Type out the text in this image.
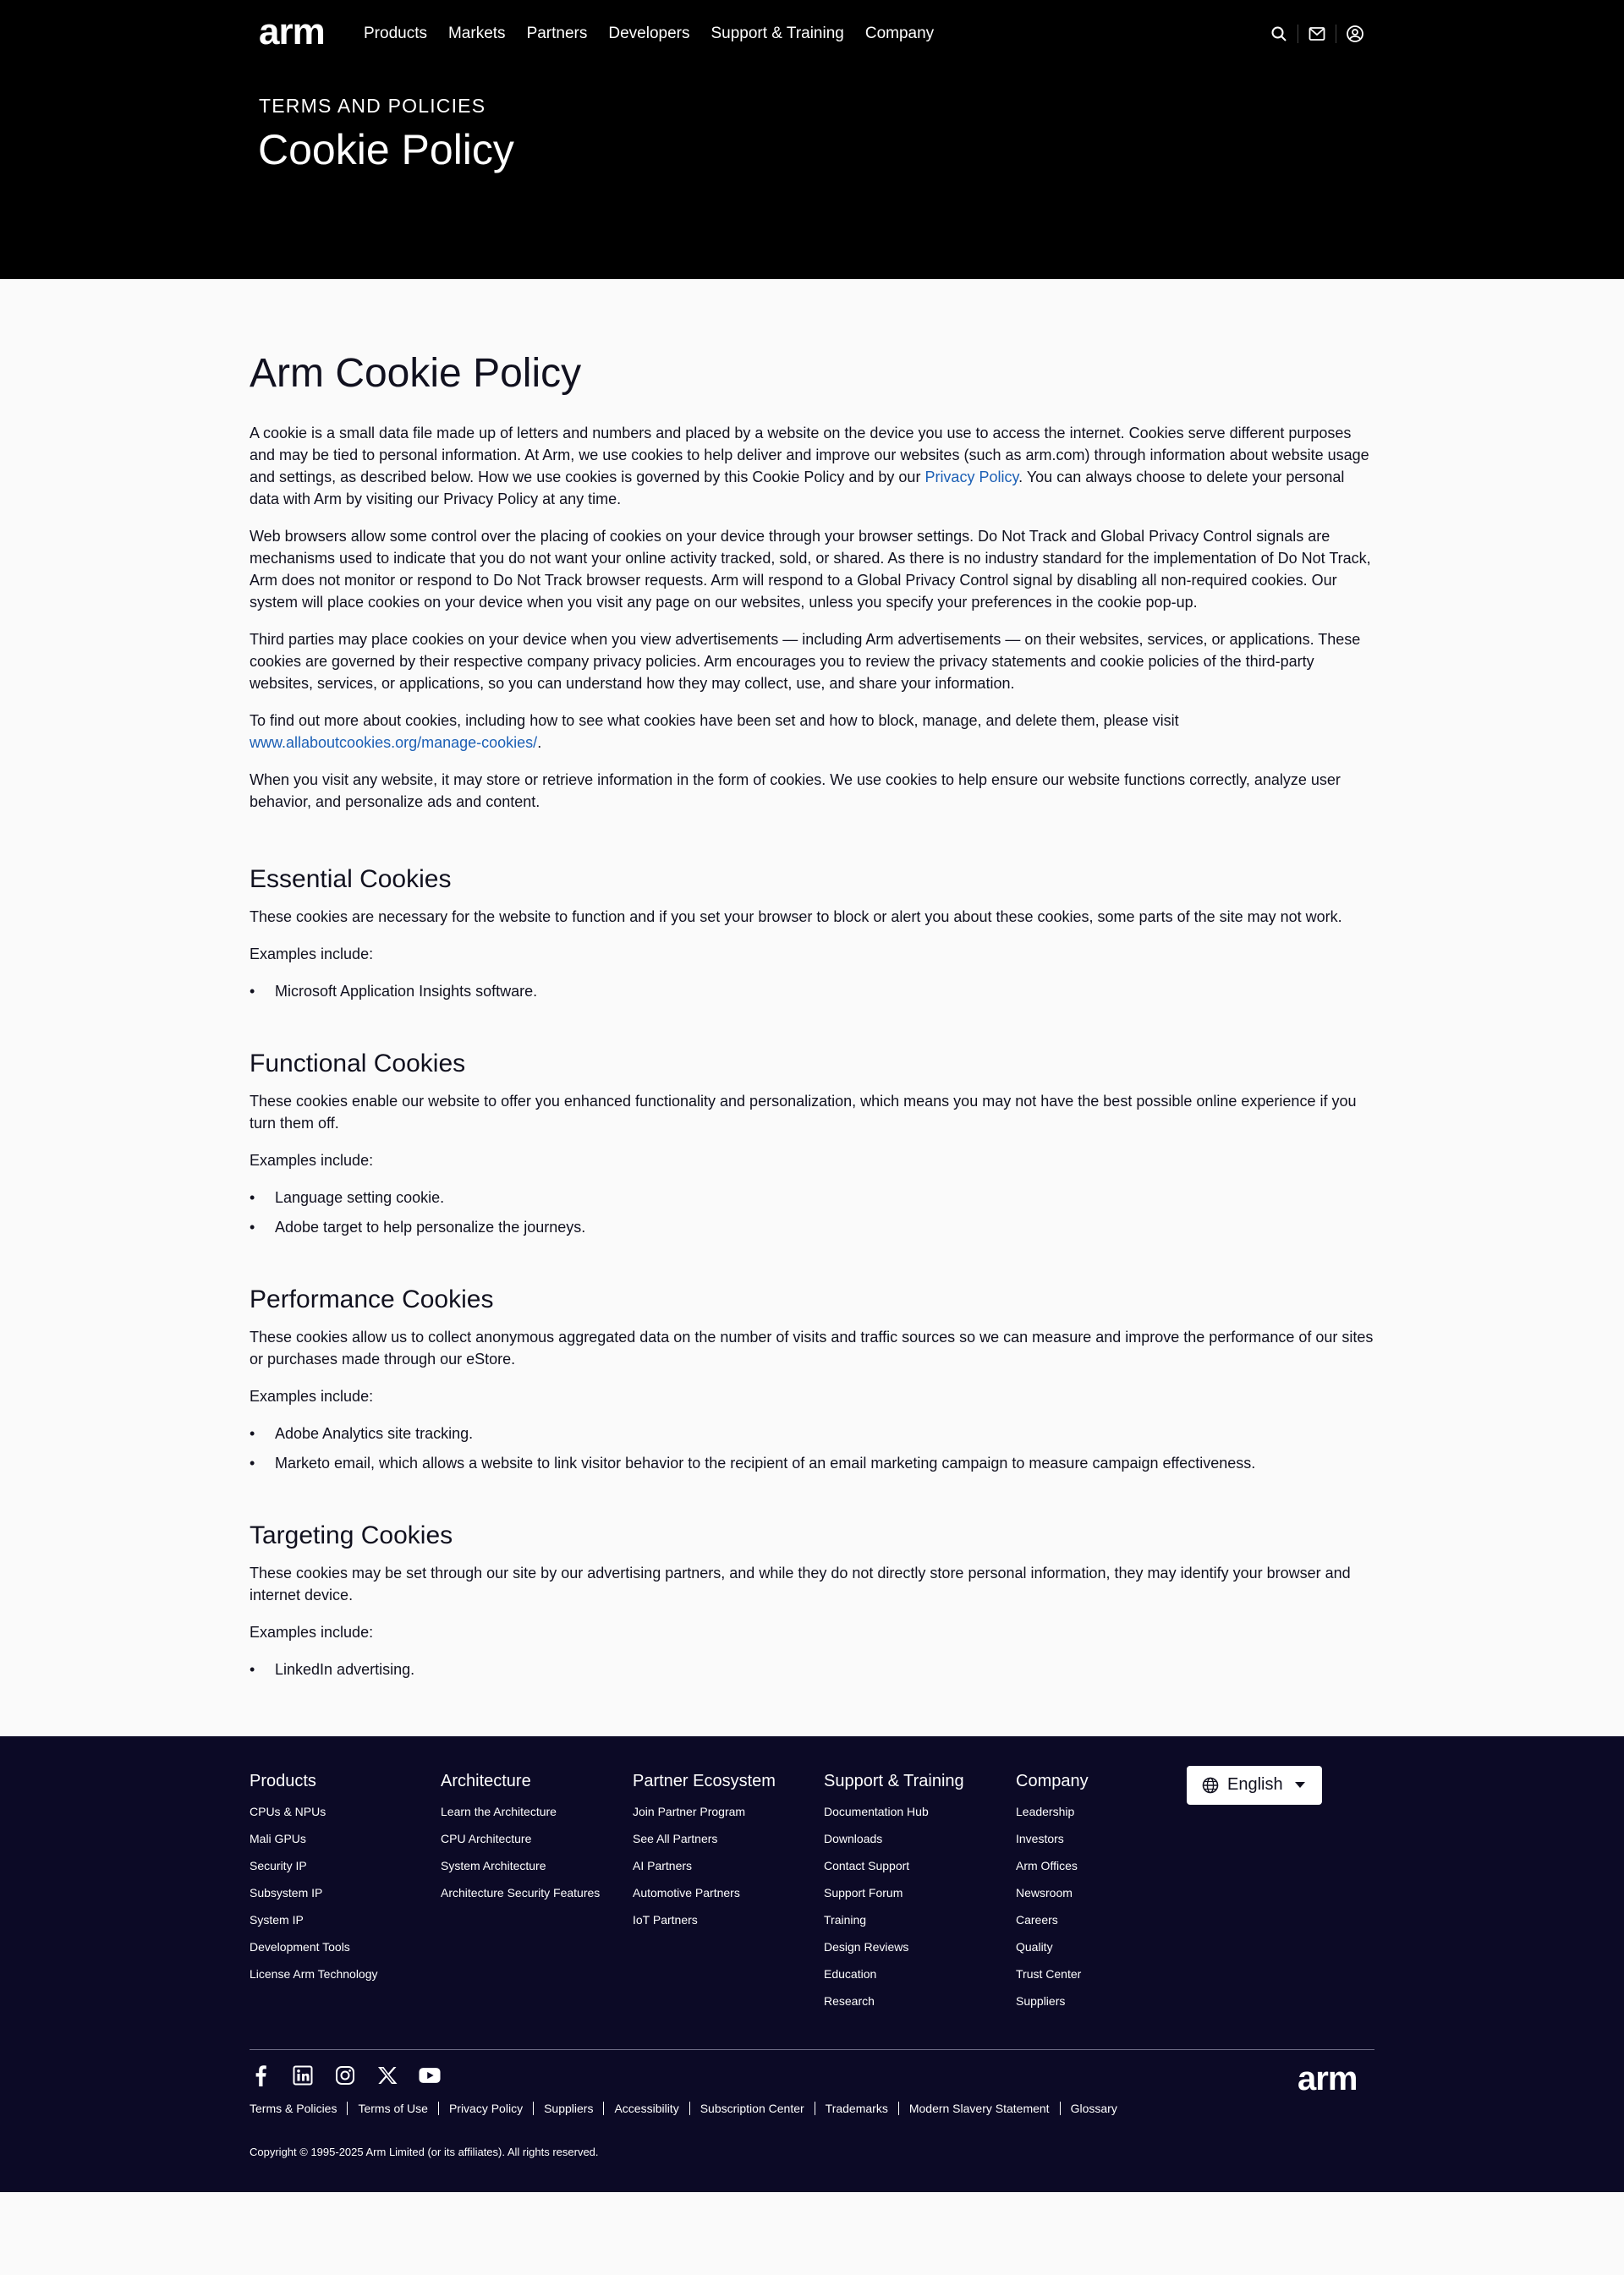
arm Products Markets Partners Developers Support & Training Company
TERMS AND POLICIES
Cookie Policy
Arm Cookie Policy

A cookie is a small data file made up of letters and numbers and placed by a website on the device you use to access the internet. Cookies serve different purposes and may be tied to personal information. At Arm, we use cookies to help deliver and improve our websites (such as arm.com) through information about website usage and settings, as described below. How we use cookies is governed by this Cookie Policy and by our Privacy Policy. You can always choose to delete your personal data with Arm by visiting our Privacy Policy at any time.

Web browsers allow some control over the placing of cookies on your device through your browser settings. Do Not Track and Global Privacy Control signals are mechanisms used to indicate that you do not want your online activity tracked, sold, or shared. As there is no industry standard for the implementation of Do Not Track, Arm does not monitor or respond to Do Not Track browser requests. Arm will respond to a Global Privacy Control signal by disabling all non-required cookies. Our system will place cookies on your device when you visit any page on our websites, unless you specify your preferences in the cookie pop-up.

Third parties may place cookies on your device when you view advertisements — including Arm advertisements — on their websites, services, or applications. These cookies are governed by their respective company privacy policies. Arm encourages you to review the privacy statements and cookie policies of the third-party websites, services, or applications, so you can understand how they may collect, use, and share your information.

To find out more about cookies, including how to see what cookies have been set and how to block, manage, and delete them, please visit www.allaboutcookies.org/manage-cookies/.

When you visit any website, it may store or retrieve information in the form of cookies. We use cookies to help ensure our website functions correctly, analyze user behavior, and personalize ads and content.

Essential Cookies

These cookies are necessary for the website to function and if you set your browser to block or alert you about these cookies, some parts of the site may not work.

Examples include:

• Microsoft Application Insights software.
Functional Cookies

These cookies enable our website to offer you enhanced functionality and personalization, which means you may not have the best possible online experience if you turn them off.

Examples include:

• Language setting cookie.
• Adobe target to help personalize the journeys.
Performance Cookies

These cookies allow us to collect anonymous aggregated data on the number of visits and traffic sources so we can measure and improve the performance of our sites or purchases made through our eStore.

Examples include:

• Adobe Analytics site tracking.
• Marketo email, which allows a website to link visitor behavior to the recipient of an email marketing campaign to measure campaign effectiveness.
Targeting Cookies

These cookies may be set through our site by our advertising partners, and while they do not directly store personal information, they may identify your browser and internet device.

Examples include:

• LinkedIn advertising.
Products
CPUs & NPUs
Mali GPUs
Security IP
Subsystem IP
System IP
Development Tools
License Arm Technology
Architecture
Learn the Architecture
CPU Architecture
System Architecture
Architecture Security Features
Partner Ecosystem
Join Partner Program
See All Partners
AI Partners
Automotive Partners
IoT Partners
Support & Training
Documentation Hub
Downloads
Contact Support
Support Forum
Training
Design Reviews
Education
Research
Company
Leadership
Investors
Arm Offices
Newsroom
Careers
Quality
Trust Center
Suppliers
English
arm
Terms & Policies Terms of Use Privacy Policy Suppliers Accessibility Subscription Center Trademarks Modern Slavery Statement Glossary
Copyright © 1995-2025 Arm Limited (or its affiliates). All rights reserved.
